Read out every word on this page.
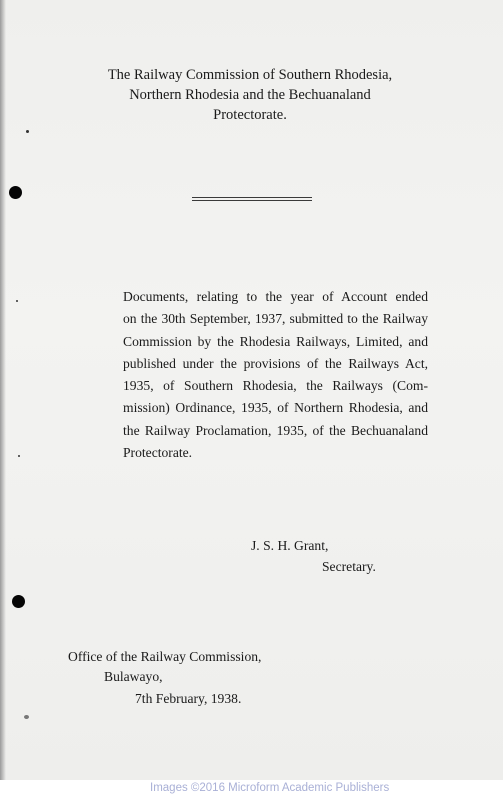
The Railway Commission of Southern Rhodesia,
Northern Rhodesia and the Bechuanaland
Protectorate.
Documents, relating to the year of Account ended
on the 30th September, 1937, submitted to the Railway
Commission by the Rhodesia Railways, Limited, and
published under the provisions of the Railways Act,
1935, of Southern Rhodesia, the Railways (Com-
mission) Ordinance, 1935, of Northern Rhodesia, and
the Railway Proclamation, 1935, of the Bechuanaland
Protectorate.
J. S. H. Grant,
Secretary.
Office of the Railway Commission,
Bulawayo,
7th February, 1938.
Images ©2016 Microform Academic Publishers
